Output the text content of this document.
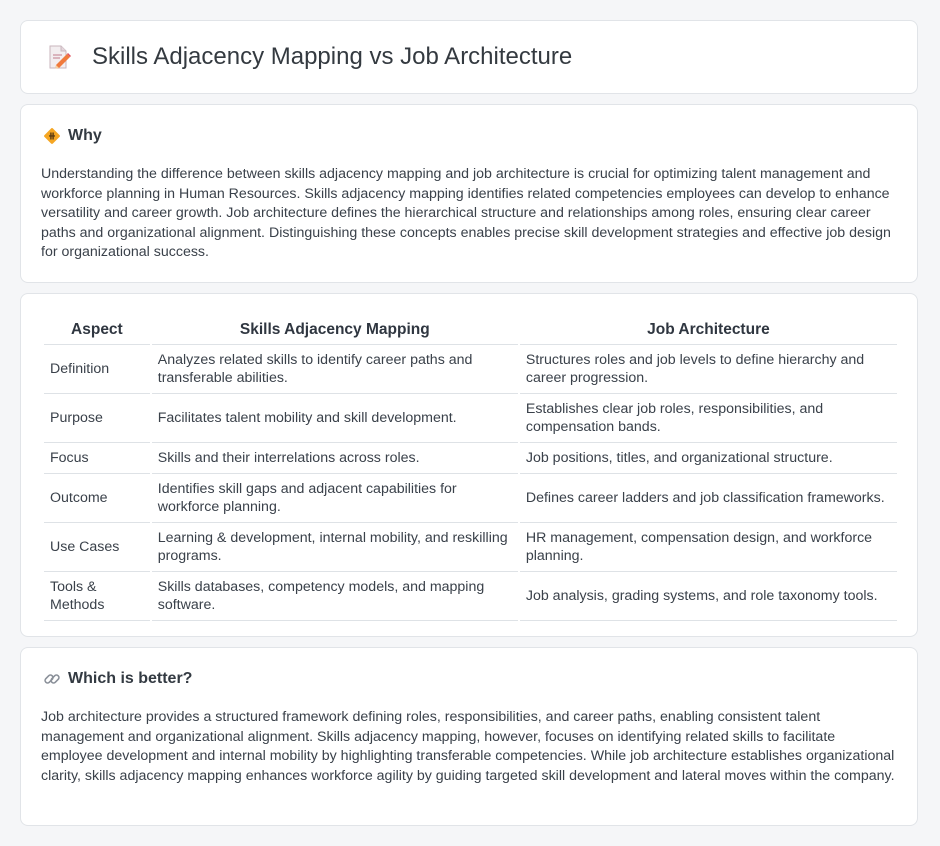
Skills Adjacency Mapping vs Job Architecture
Why

Understanding the difference between skills adjacency mapping and job architecture is crucial for optimizing talent management and workforce planning in Human Resources. Skills adjacency mapping identifies related competencies employees can develop to enhance versatility and career growth. Job architecture defines the hierarchical structure and relationships among roles, ensuring clear career paths and organizational alignment. Distinguishing these concepts enables precise skill development strategies and effective job design for organizational success.

Aspect	Skills Adjacency Mapping	Job Architecture
Definition	Analyzes related skills to identify career paths and transferable abilities.	Structures roles and job levels to define hierarchy and career progression.
Purpose	Facilitates talent mobility and skill development.	Establishes clear job roles, responsibilities, and compensation bands.
Focus	Skills and their interrelations across roles.	Job positions, titles, and organizational structure.
Outcome	Identifies skill gaps and adjacent capabilities for workforce planning.	Defines career ladders and job classification frameworks.
Use Cases	Learning & development, internal mobility, and reskilling programs.	HR management, compensation design, and workforce planning.
Tools & Methods	Skills databases, competency models, and mapping software.	Job analysis, grading systems, and role taxonomy tools.
Which is better?

Job architecture provides a structured framework defining roles, responsibilities, and career paths, enabling consistent talent management and organizational alignment. Skills adjacency mapping, however, focuses on identifying related skills to facilitate employee development and internal mobility by highlighting transferable competencies. While job architecture establishes organizational clarity, skills adjacency mapping enhances workforce agility by guiding targeted skill development and lateral moves within the company.
